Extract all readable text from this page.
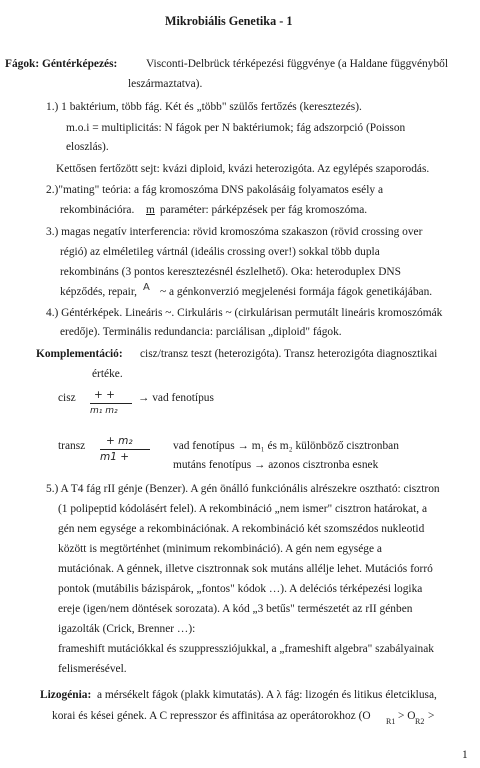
Mikrobiális Genetika - 1
Fágok: Géntérképezés:	Visconti-Delbrück térképezési függvénye (a Haldane függvényből
leszármaztatva).
1.) 1 baktérium, több fág. Két és „több" szülős fertőzés (keresztezés).
m.o.i = multiplicitás: N fágok per N baktériumok; fág adszorpció (Poisson
eloszlás).
Kettősen fertőzött sejt: kvázi diploid, kvázi heterozigóta. Az egylépés szaporodás.
2.)"mating" teória: a fág kromoszóma DNS pakolásáig folyamatos esély a
rekombinációra. m paraméter: párképzések per fág kromoszóma.
3.) magas negatív interferencia: rövid kromoszóma szakaszon (rövid crossing over
régió) az elméletileg vártnál (ideális crossing over!) sokkal több dupla
rekombináns (3 pontos keresztezésnél észlelhető). Oka: heteroduplex DNS
képződés, repair, A ~ a génkonverzió megjelenési formája fágok genetikájában.
4.) Géntérképek. Lineáris ~. Cirkuláris ~ (cirkulárisan permutált lineáris kromoszómák
eredője). Terminális redundancia: parciálisan „diploid" fágok.
Komplementáció: cisz/transz teszt (heterozigóta). Transz heterozigóta diagnosztikai
értéke.
cisz + +
m₁ m₂
→ vad fenotípus
transz + m₂
m1 +
vad fenotípus → m₁ és m₂ különböző cisztronban
mutáns fenotípus → azonos cisztronba esnek
5.) A T4 fág rII génje (Benzer). A gén önálló funkciónális alrészekre osztható: cisztron
(1 polipeptid kódolásért felel). A rekombináció „nem ismer" cisztron határokat, a
gén nem egysége a rekombinációnak. A rekombináció két szomszédos nukleotid
között is megtörténhet (minimum rekombináció). A gén nem egysége a
mutációnak. A génnek, illetve cisztronnak sok mutáns allélje lehet. Mutációs forró
pontok (mutábilis bázispárok, „fontos" kódok …). A deléciós térképezési logika
ereje (igen/nem döntések sorozata). A kód „3 betűs" természetét az rII génben
igazolták (Crick, Brenner …):
frameshift mutációkkal és szuppressziójukkal, a „frameshift algebra" szabályainak
felismerésével.
Lizogénia: a mérsékelt fágok (plakk kimutatás). A λ fág: lizogén és litikus életciklusa,
korai és kései gének. A C represszor és affinitása az operátorokhoz (O R1 > O R2 >
1
